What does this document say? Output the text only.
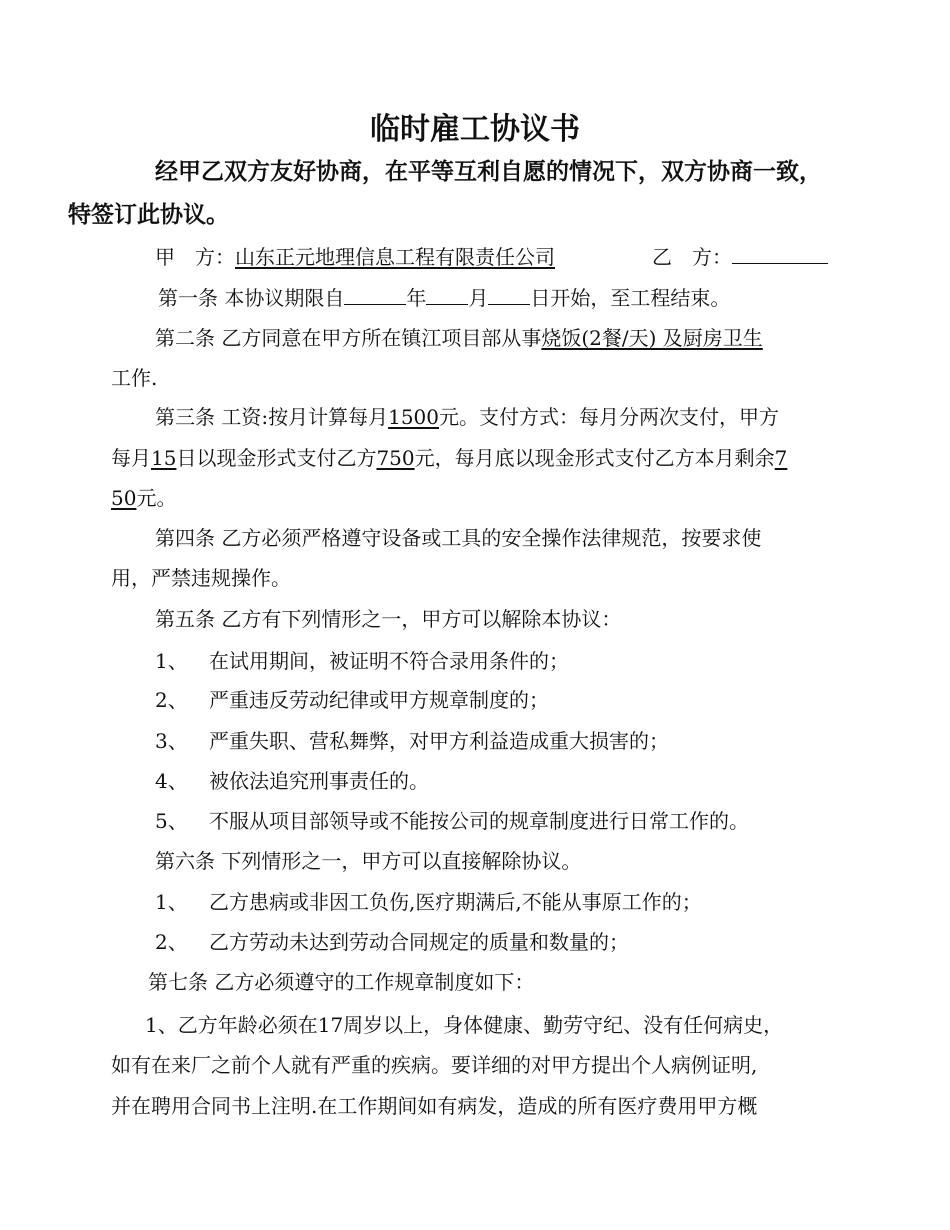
临时雇工协议书
经甲乙双方友好协商，在平等互利自愿的情况下，双方协商一致，
特签订此协议。
甲　方：山东正元地理信息工程有限责任公司	乙　方：
第一条 本协议期限自	年 月 日开始，至工程结束。
第二条 乙方同意在甲方所在镇江项目部从事烧饭(2餐/天) 及厨房卫生
工作.
第三条 工资:按月计算每月1500元。支付方式：每月分两次支付，甲方
每月15日以现金形式支付乙方750元，每月底以现金形式支付乙方本月剩余7
50元。
第四条 乙方必须严格遵守设备或工具的安全操作法律规范，按要求使
用，严禁违规操作。
第五条 乙方有下列情形之一，甲方可以解除本协议：
1、 在试用期间，被证明不符合录用条件的；
2、 严重违反劳动纪律或甲方规章制度的；
3、 严重失职、营私舞弊，对甲方利益造成重大损害的；
4、 被依法追究刑事责任的。
5、 不服从项目部领导或不能按公司的规章制度进行日常工作的。
第六条 下列情形之一，甲方可以直接解除协议。
1、 乙方患病或非因工负伤,医疗期满后,不能从事原工作的；
2、 乙方劳动未达到劳动合同规定的质量和数量的；
第七条 乙方必须遵守的工作规章制度如下：
1、乙方年龄必须在17周岁以上，身体健康、勤劳守纪、没有任何病史，
如有在来厂之前个人就有严重的疾病。要详细的对甲方提出个人病例证明,
并在聘用合同书上注明.在工作期间如有病发，造成的所有医疗费用甲方概
